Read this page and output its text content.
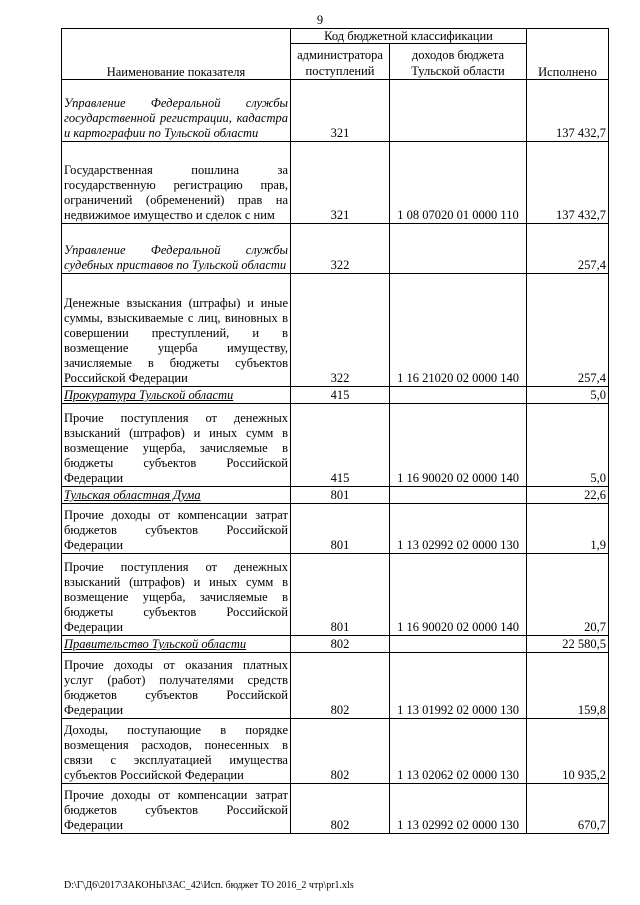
9
Наименование показателя	Код бюджетной классификации		Исполнено
	администратора поступлений	доходов бюджета Тульской области	
Управление Федеральной службы государственной регистрации, кадастра и картографии по Тульской области	321		137 432,7
Государственная пошлина за государственную регистрацию прав, ограничений (обременений) прав на недвижимое имущество и сделок с ним	321	1 08 07020 01 0000 110	137 432,7
Управление Федеральной службы судебных приставов по Тульской области	322		257,4
Денежные взыскания (штрафы) и иные суммы, взыскиваемые с лиц, виновных в совершении преступлений, и в возмещение ущерба имуществу, зачисляемые в бюджеты субъектов Российской Федерации	322	1 16 21020 02 0000 140	257,4
Прокуратура Тульской области	415		5,0
Прочие поступления от денежных взысканий (штрафов) и иных сумм в возмещение ущерба, зачисляемые в бюджеты субъектов Российской Федерации	415	1 16 90020 02 0000 140	5,0
Тульская областная Дума	801		22,6
Прочие доходы от компенсации затрат бюджетов субъектов Российской Федерации	801	1 13 02992 02 0000 130	1,9
Прочие поступления от денежных взысканий (штрафов) и иных сумм в возмещение ущерба, зачисляемые в бюджеты субъектов Российской Федерации	801	1 16 90020 02 0000 140	20,7
Правительство Тульской области	802		22 580,5
Прочие доходы от оказания платных услуг (работ) получателями средств бюджетов субъектов Российской Федерации	802	1 13 01992 02 0000 130	159,8
Доходы, поступающие в порядке возмещения расходов, понесенных в связи с эксплуатацией имущества субъектов Российской Федерации	802	1 13 02062 02 0000 130	10 935,2
Прочие доходы от компенсации затрат бюджетов субъектов Российской Федерации	802	1 13 02992 02 0000 130	670,7
D:\Г\Д6\2017\ЗАКОНЫ\ЗАС_42\Исп. бюджет ТО 2016_2 чтр\pr1.xls
